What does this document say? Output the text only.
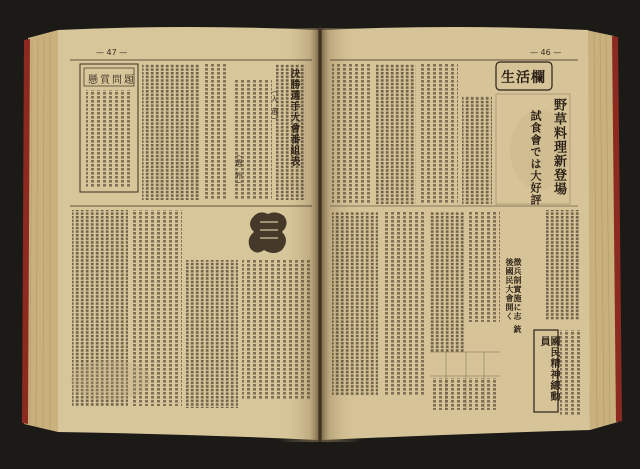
— 47 —	— 46 —
懸賞問題	決勝選手大會番組表
（入 選）
（選 外）
生活欄
野草料理新登場
試食會では大好評
徴兵制實施に志 銃後國民大會開く
國民精神總動員
